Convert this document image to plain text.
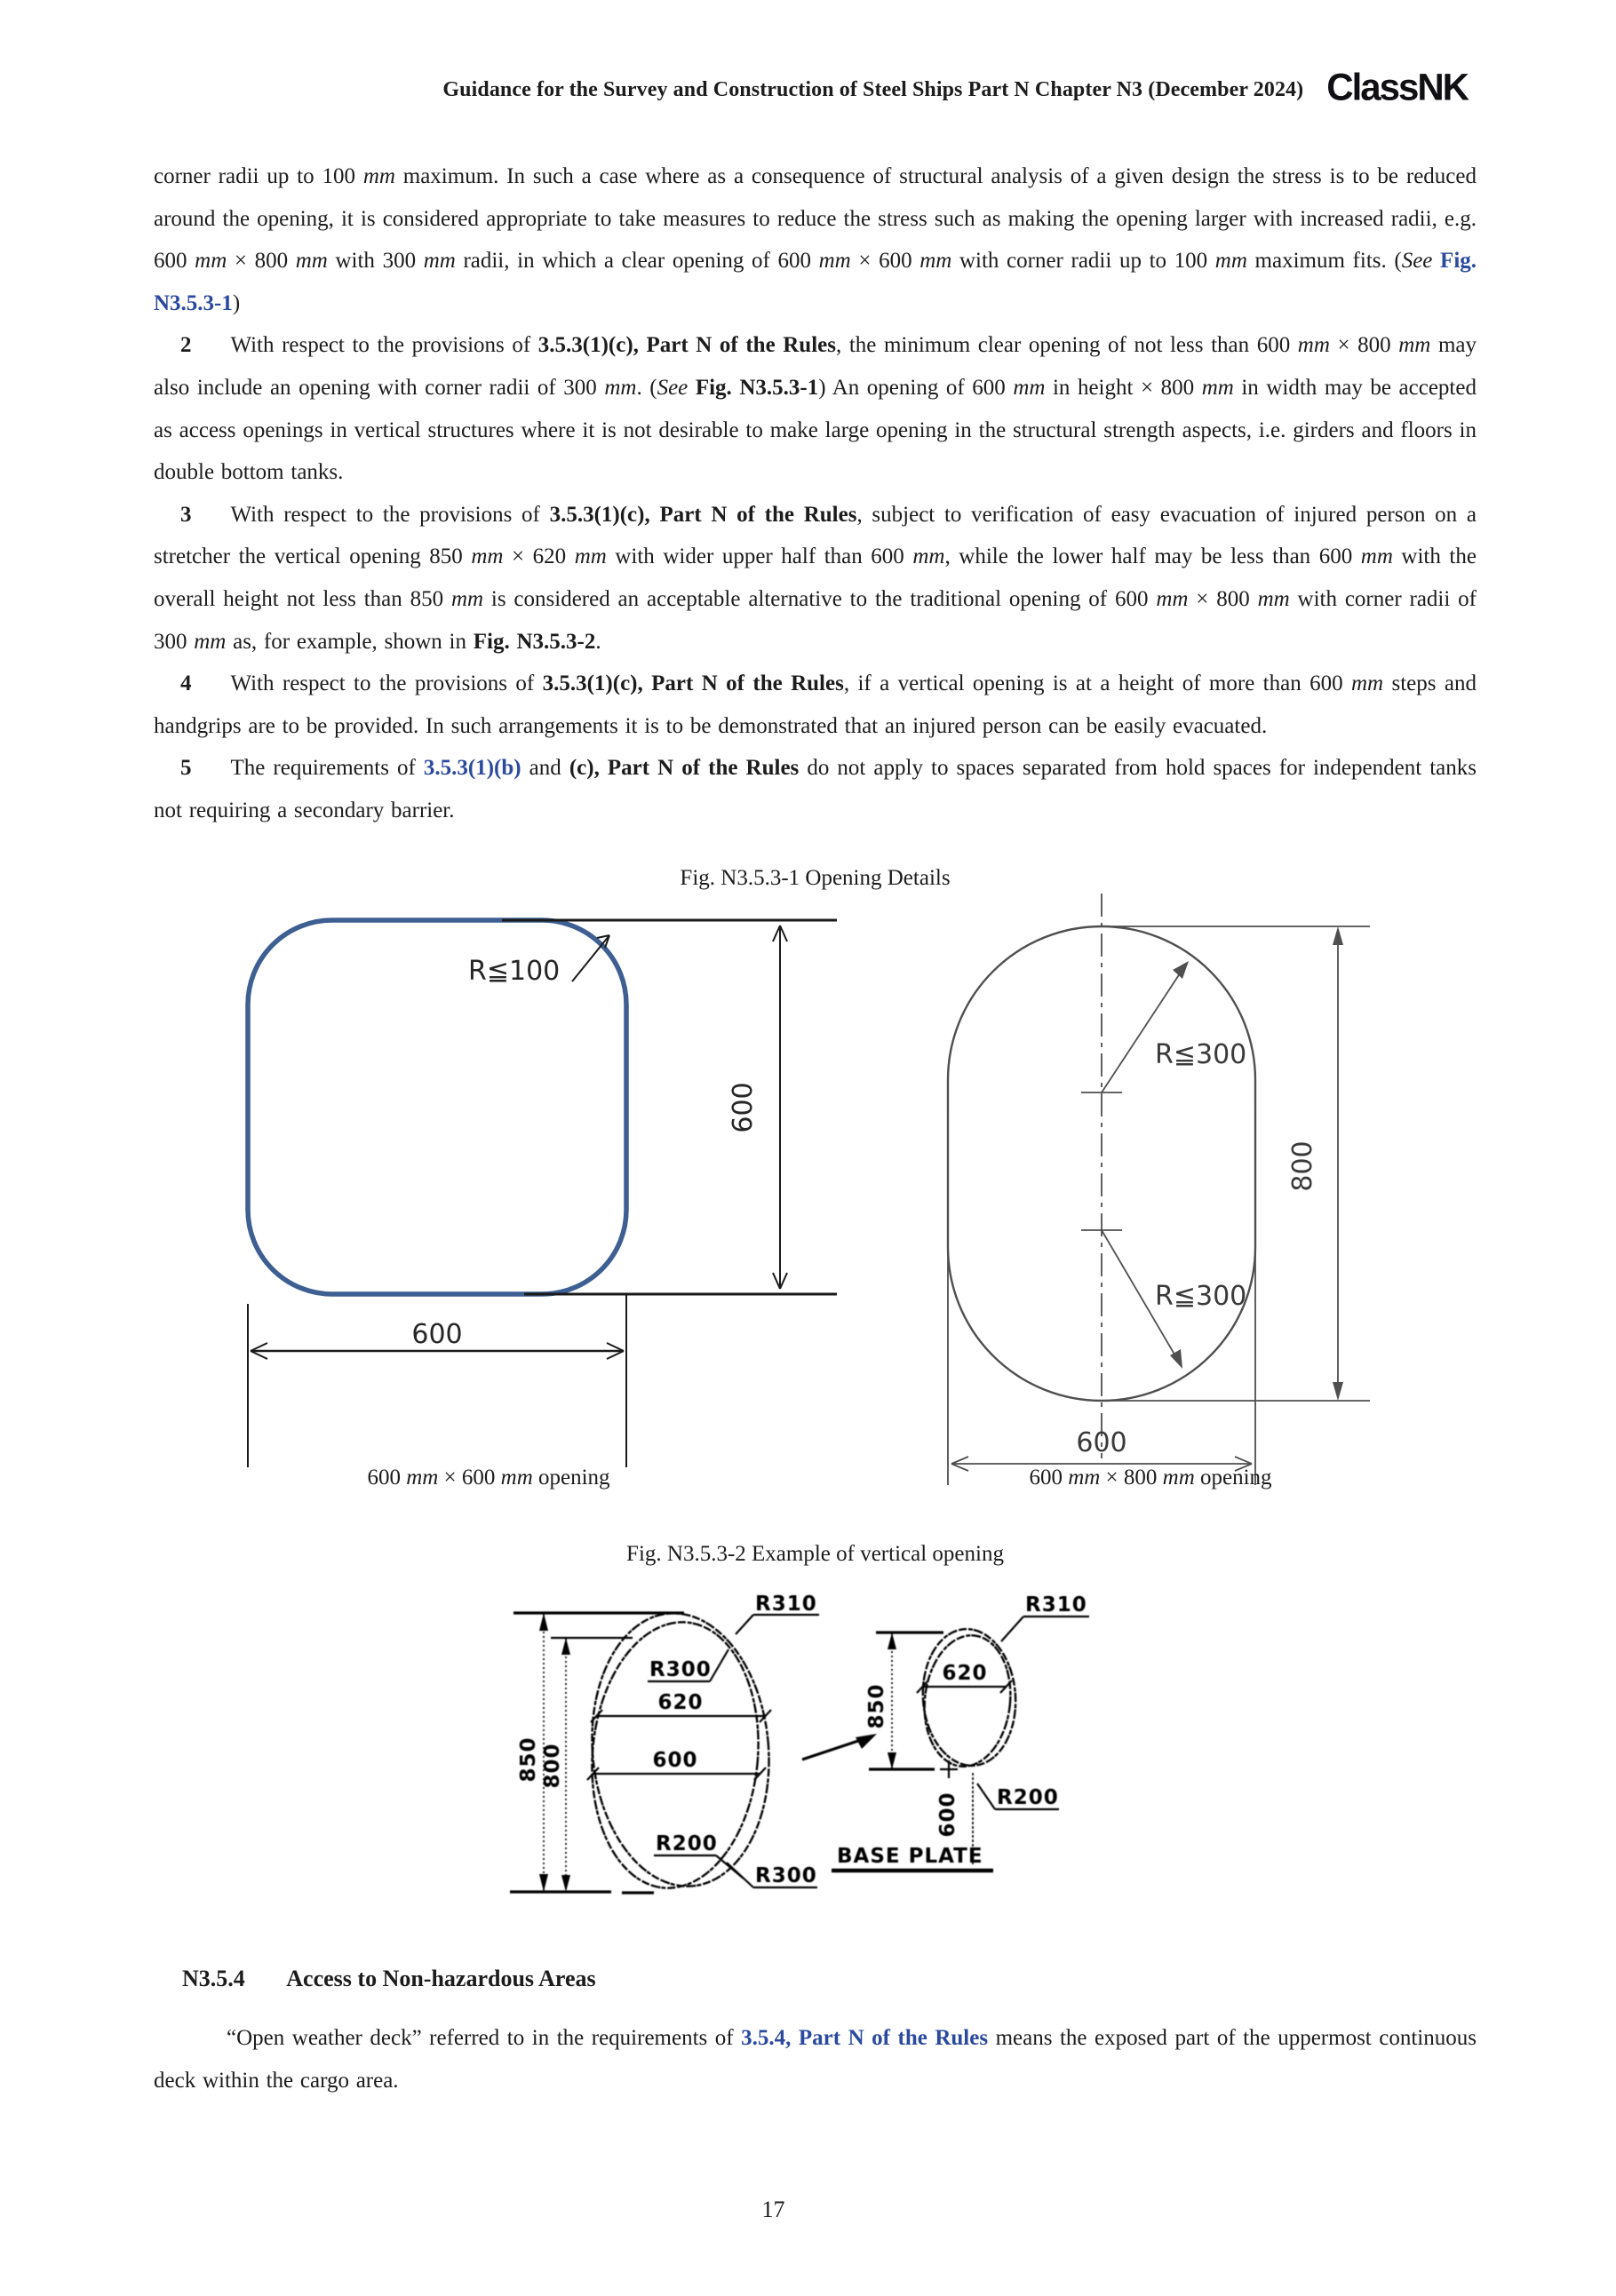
Guidance for the Survey and Construction of Steel Ships Part N Chapter N3 (December 2024) ClassNK

corner radii up to 100 mm maximum. In such a case where as a consequence of structural analysis of a given design the stress is to be reduced around the opening, it is considered appropriate to take measures to reduce the stress such as making the opening larger with increased radii, e.g. 600 mm × 800 mm with 300 mm radii, in which a clear opening of 600 mm × 600 mm with corner radii up to 100 mm maximum fits. (See Fig. N3.5.3-1)

2 With respect to the provisions of 3.5.3(1)(c), Part N of the Rules, the minimum clear opening of not less than 600 mm × 800 mm may also include an opening with corner radii of 300 mm. (See Fig. N3.5.3-1) An opening of 600 mm in height × 800 mm in width may be accepted as access openings in vertical structures where it is not desirable to make large opening in the structural strength aspects, i.e. girders and floors in double bottom tanks.

3 With respect to the provisions of 3.5.3(1)(c), Part N of the Rules, subject to verification of easy evacuation of injured person on a stretcher the vertical opening 850 mm × 620 mm with wider upper half than 600 mm, while the lower half may be less than 600 mm with the overall height not less than 850 mm is considered an acceptable alternative to the traditional opening of 600 mm × 800 mm with corner radii of 300 mm as, for example, shown in Fig. N3.5.3-2.

4 With respect to the provisions of 3.5.3(1)(c), Part N of the Rules, if a vertical opening is at a height of more than 600 mm steps and handgrips are to be provided. In such arrangements it is to be demonstrated that an injured person can be easily evacuated.

5 The requirements of 3.5.3(1)(b) and (c), Part N of the Rules do not apply to spaces separated from hold spaces for independent tanks not requiring a secondary barrier.

Fig. N3.5.3-1 Opening Details
600
R≦100
600
R≦300
R≦300
800
600
600 mm × 600 mm opening	600 mm × 800 mm opening
Fig. N3.5.3-2 Example of vertical opening
850 800
R310
R300
620
600
R200
R300
850
620
R310
600 R200
BASE PLATE
N3.5.4 Access to Non-hazardous Areas
“Open weather deck” referred to in the requirements of 3.5.4, Part N of the Rules means the exposed part of the uppermost continuous deck within the cargo area.
17
